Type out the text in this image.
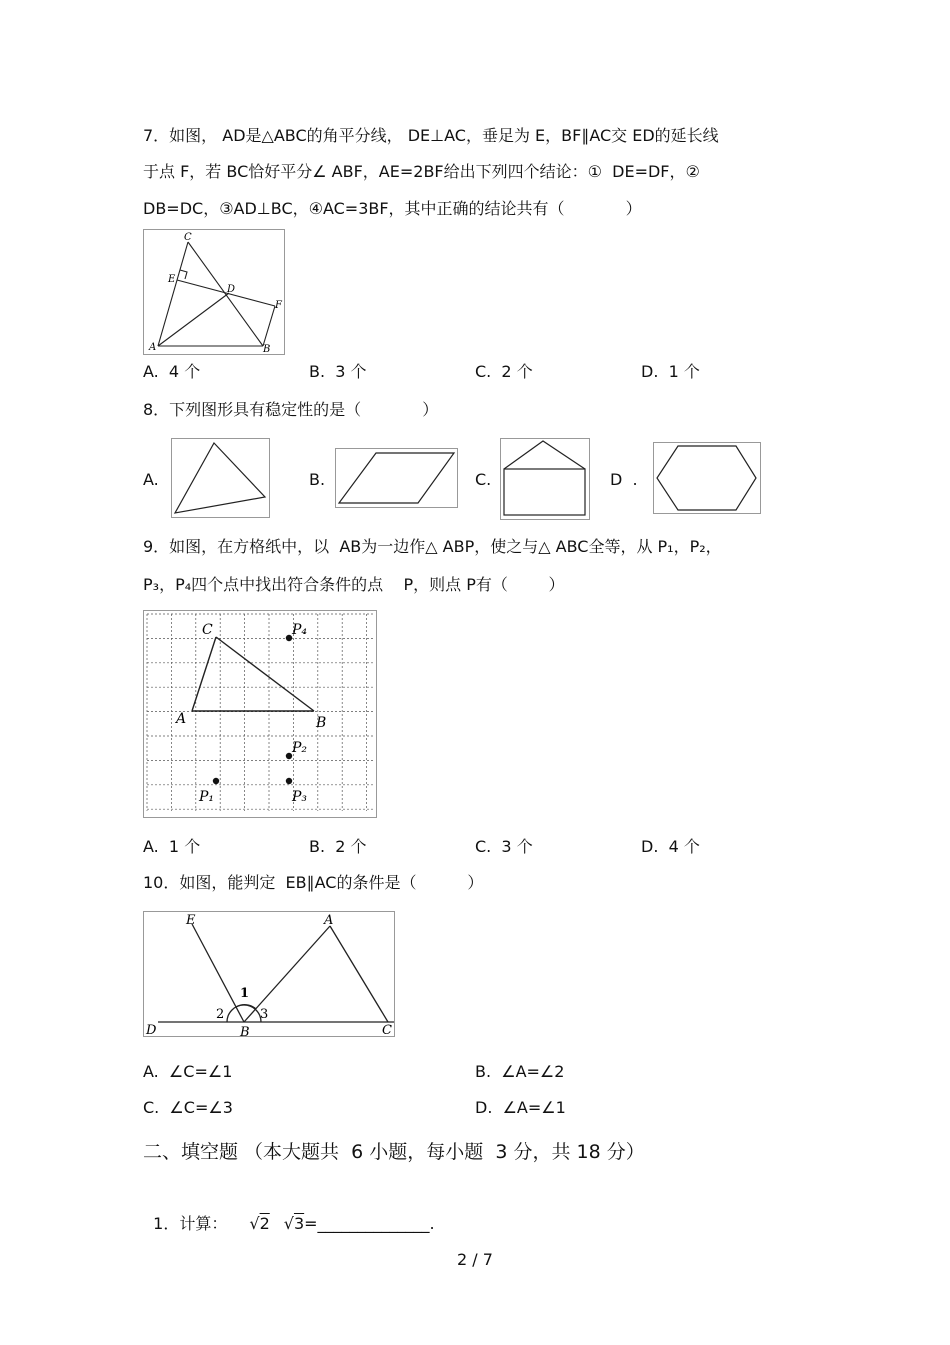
7．如图， AD是△ABC的角平分线， DE⊥AC，垂足为 E，BF∥AC交 ED的延长线
于点 F，若 BC恰好平分∠ ABF，AE=2BF给出下列四个结论：①  DE=DF，②
DB=DC，③AD⊥BC，④AC=3BF，其中正确的结论共有（            ）
C
E
D
F
A	B
A.  4 个	B.  3 个	C.  2 个	D.  1 个
8．下列图形具有稳定性的是（            ）
A.	B.	C.	D  .
9．如图，在方格纸中，以  AB为一边作△ ABP，使之与△ ABC全等，从 P₁，P₂，
P₃，P₄四个点中找出符合条件的点    P，则点 P有（        ）
C	P₄
A	B
P₂
P₁	P₃
A.  1 个	B.  2 个	C.  3 个	D.  4 个
10．如图，能判定  EB∥AC的条件是（          ）
E	A
1
2	3
D	B	C
A.  ∠C=∠1	B.  ∠A=∠2
C.  ∠C=∠3	D.  ∠A=∠1
二、填空题 （本大题共  6 小题，每小题  3 分，共 18 分）

1．计算： √2 √3=______________.

2 / 7
